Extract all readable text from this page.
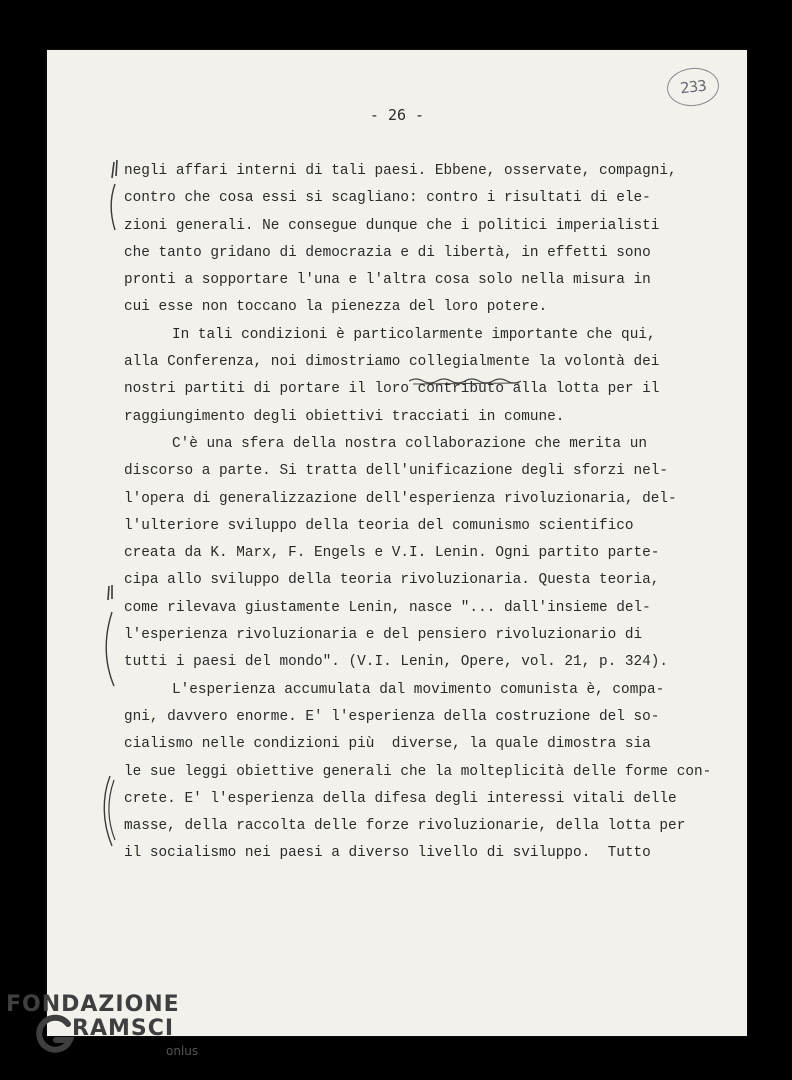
233
- 26 -
negli affari interni di tali paesi. Ebbene, osservate, compagni,
contro che cosa essi si scagliano: contro i risultati di ele-
zioni generali. Ne consegue dunque che i politici imperialisti
che tanto gridano di democrazia e di libertà, in effetti sono
pronti a sopportare l'una e l'altra cosa solo nella misura in
cui esse non toccano la pienezza del loro potere.
In tali condizioni è particolarmente importante che qui,
alla Conferenza, noi dimostriamo collegialmente la volontà dei
nostri partiti di portare il loro contributo alla lotta per il
raggiungimento degli obiettivi tracciati in comune.
C'è una sfera della nostra collaborazione che merita un
discorso a parte. Si tratta dell'unificazione degli sforzi nel-
l'opera di generalizzazione dell'esperienza rivoluzionaria, del-
l'ulteriore sviluppo della teoria del comunismo scientifico
creata da K. Marx, F. Engels e V.I. Lenin. Ogni partito parte-
cipa allo sviluppo della teoria rivoluzionaria. Questa teoria,
come rilevava giustamente Lenin, nasce "... dall'insieme del-
l'esperienza rivoluzionaria e del pensiero rivoluzionario di
tutti i paesi del mondo". (V.I. Lenin, Opere, vol. 21, p. 324).
L'esperienza accumulata dal movimento comunista è, compa-
gni, davvero enorme. E' l'esperienza della costruzione del so-
cialismo nelle condizioni più  diverse, la quale dimostra sia
le sue leggi obiettive generali che la molteplicità delle forme con-
crete. E' l'esperienza della difesa degli interessi vitali delle
masse, della raccolta delle forze rivoluzionarie, della lotta per
il socialismo nei paesi a diverso livello di sviluppo.  Tutto
FONDAZIONE
RAMSCI
onlus
